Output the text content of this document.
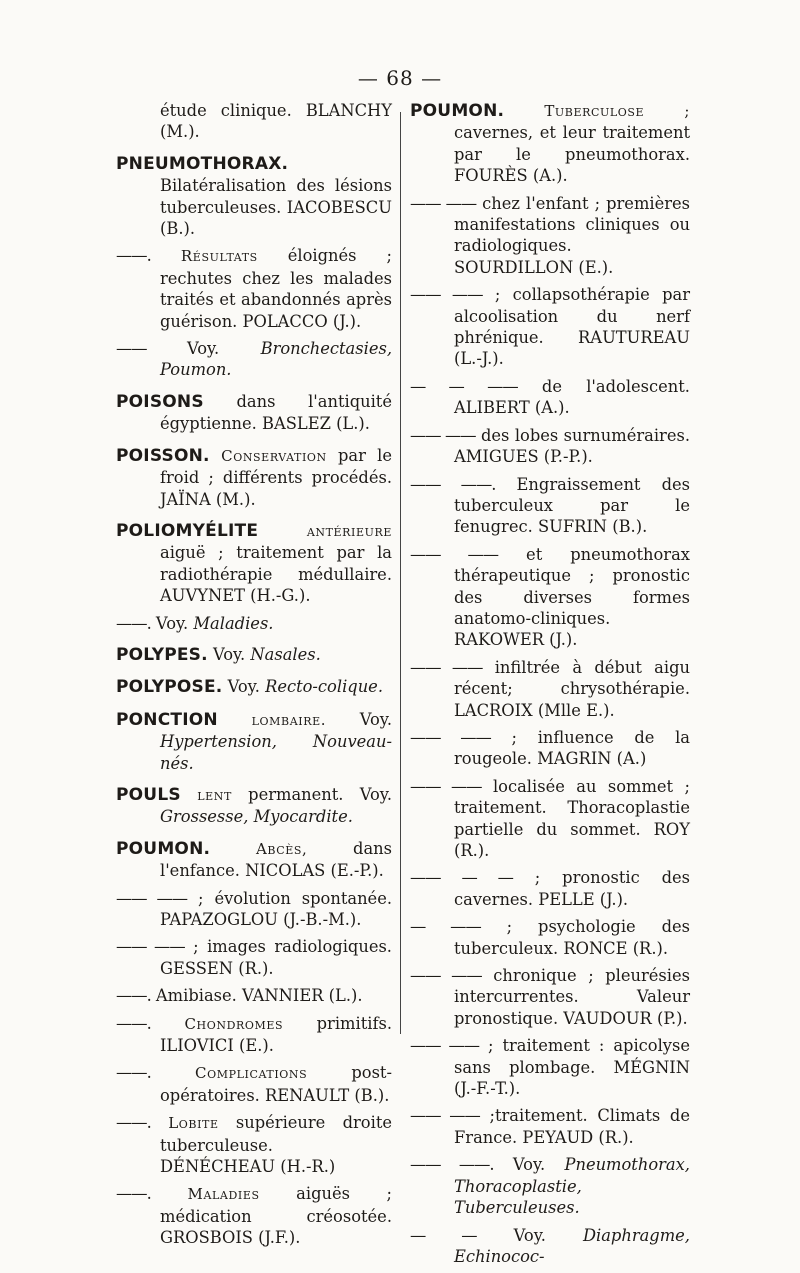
— 68 —
étude clinique. BLANCHY (M.).
PNEUMOTHORAX. Bilatéralisation des lésions tuberculeuses. IACOBESCU (B.).
——. Résultats éloignés ; rechutes chez les malades traités et abandonnés après guérison. POLACCO (J.).
—— Voy. Bronchectasies, Poumon.
POISONS dans l'antiquité égyptienne. BASLEZ (L.).
POISSON. Conservation par le froid ; différents procédés. JAÏNA (M.).
POLIOMYÉLITE antérieure aiguë ; traitement par la radiothérapie médullaire. AUVYNET (H.-G.).
——. Voy. Maladies.
POLYPES. Voy. Nasales.
POLYPOSE. Voy. Recto-colique.
PONCTION lombaire. Voy. Hypertension, Nouveau-nés.
POULS lent permanent. Voy. Grossesse, Myocardite.
POUMON. Abcès, dans l'enfance. NICOLAS (E.-P.).
—— —— ; évolution spontanée. PAPAZOGLOU (J.-B.-M.).
—— —— ; images radiologiques. GESSEN (R.).
——. Amibiase. VANNIER (L.).
——. Chondromes primitifs. ILIOVICI (E.).
——. Complications post-opératoires. RENAULT (B.).
——. Lobite supérieure droite tuberculeuse. DÉNÉCHEAU (H.-R.)
——. Maladies aiguës ; médication créosotée. GROSBOIS (J.F.).
POUMON. Tuberculose ; cavernes, et leur traitement par le pneumothorax. FOURÈS (A.).
—— —— chez l'enfant ; premières manifestations cliniques ou radiologiques. SOURDILLON (E.).
—— —— ; collapsothérapie par alcoolisation du nerf phrénique. RAUTUREAU (L.-J.).
— — —— de l'adolescent. ALIBERT (A.).
—— —— des lobes surnuméraires. AMIGUES (P.-P.).
—— ——. Engraissement des tuberculeux par le fenugrec. SUFRIN (B.).
—— —— et pneumothorax thérapeutique ; pronostic des diverses formes anatomo-cliniques. RAKOWER (J.).
—— —— infiltrée à début aigu récent; chrysothérapie. LACROIX (Mlle E.).
—— —— ; influence de la rougeole. MAGRIN (A.)
—— —— localisée au sommet ; traitement. Thoracoplastie partielle du sommet. ROY (R.).
—— — — ; pronostic des cavernes. PELLE (J.).
— —— ; psychologie des tuberculeux. RONCE (R.).
—— —— chronique ; pleurésies intercurrentes. Valeur pronostique. VAUDOUR (P.).
—— —— ; traitement : apicolyse sans plombage. MÉGNIN (J.-F.-T.).
—— —— ;traitement. Climats de France. PEYAUD (R.).
—— ——. Voy. Pneumothorax, Thoracoplastie, Tuberculeuses.
— — Voy. Diaphragme, Echinococ-
